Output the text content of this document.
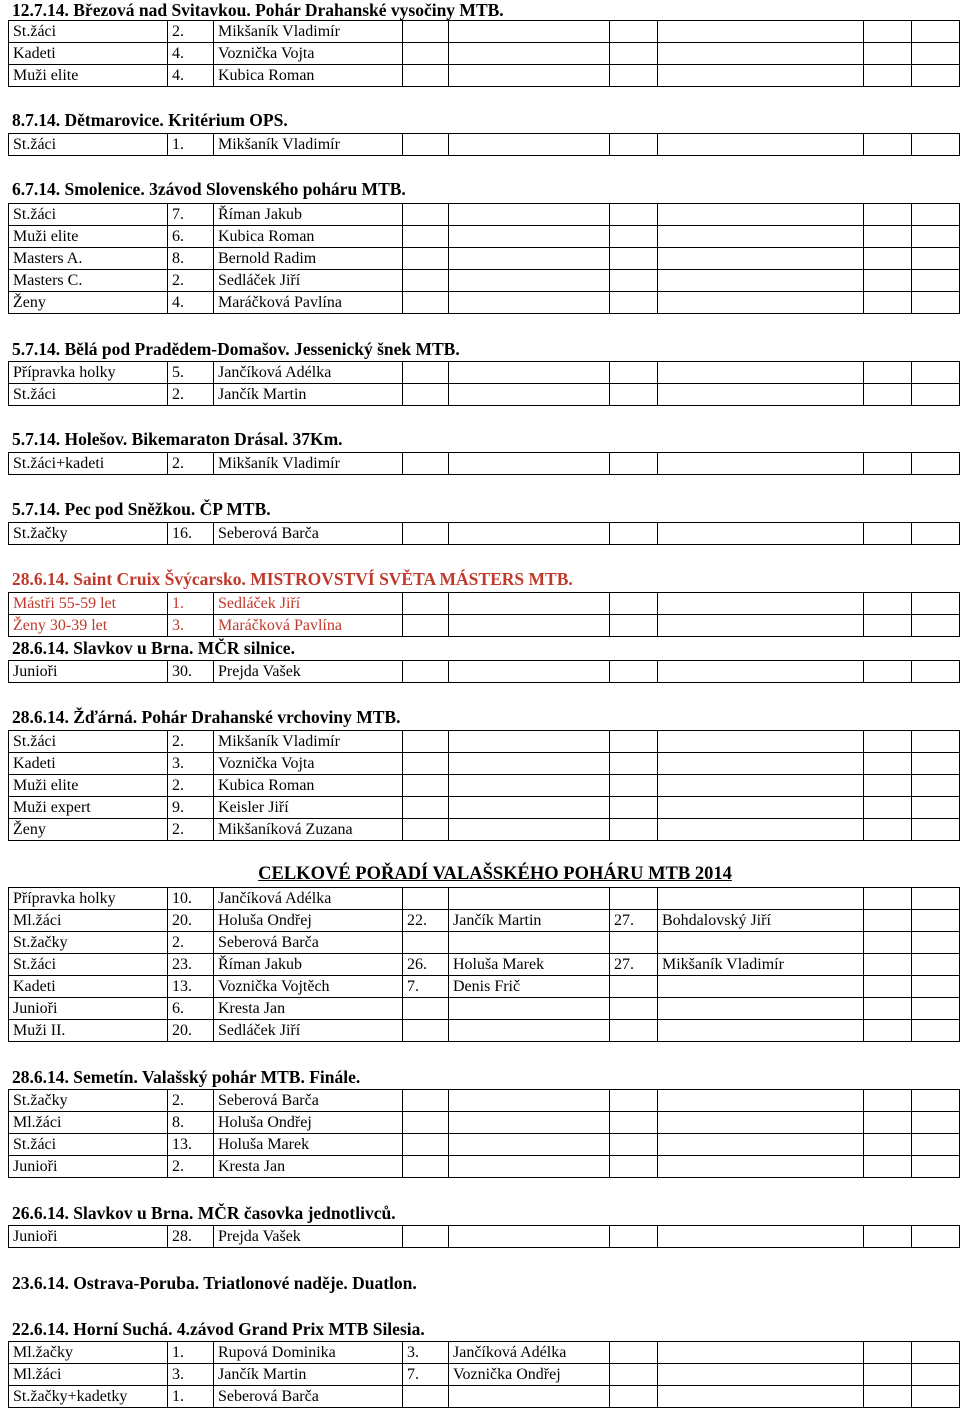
12.7.14. Březová nad Svitavkou. Pohár Drahanské vysočiny MTB.
St.žáci	2.	Mikšaník Vladimír						
Kadeti	4.	Voznička Vojta						
Muži elite	4.	Kubica Roman						
8.7.14. Dětmarovice. Kritérium OPS.
St.žáci	1.	Mikšaník Vladimír						
6.7.14. Smolenice. 3závod Slovenského poháru MTB.
St.žáci	7.	Říman Jakub						
Muži elite	6.	Kubica Roman						
Masters A.	8.	Bernold Radim						
Masters C.	2.	Sedláček Jiří						
Ženy	4.	Maráčková Pavlína						
5.7.14. Bělá pod Pradědem-Domašov. Jessenický šnek MTB.
Přípravka holky	5.	Jančíková Adélka						
St.žáci	2.	Jančík Martin						
5.7.14. Holešov. Bikemaraton Drásal. 37Km.
St.žáci+kadeti	2.	Mikšaník Vladimír						
5.7.14. Pec pod Sněžkou. ČP MTB.
St.žačky	16.	Seberová Barča						
28.6.14. Saint Cruix Švýcarsko. MISTROVSTVÍ SVĚTA MÁSTERS MTB.
Mástři 55-59 let	1.	Sedláček Jiří						
Ženy 30-39 let	3.	Maráčková Pavlína						
28.6.14. Slavkov u Brna. MČR silnice.
Junioři	30.	Prejda Vašek						
28.6.14. Žďárná. Pohár Drahanské vrchoviny MTB.
St.žáci	2.	Mikšaník Vladimír						
Kadeti	3.	Voznička Vojta						
Muži elite	2.	Kubica Roman						
Muži expert	9.	Keisler Jiří						
Ženy	2.	Mikšaníková Zuzana						
CELKOVÉ POŘADÍ VALAŠSKÉHO POHÁRU MTB 2014
Přípravka holky	10.	Jančíková Adélka						
Ml.žáci	20.	Holuša Ondřej	22.	Jančík Martin	27.	Bohdalovský Jiří		
St.žačky	2.	Seberová Barča						
St.žáci	23.	Říman Jakub	26.	Holuša Marek	27.	Mikšaník Vladimír		
Kadeti	13.	Voznička Vojtěch	7.	Denis Frič				
Junioři	6.	Kresta Jan						
Muži II.	20.	Sedláček Jiří						
28.6.14. Semetín. Valašský pohár MTB. Finále.
St.žačky	2.	Seberová Barča						
Ml.žáci	8.	Holuša Ondřej						
St.žáci	13.	Holuša Marek						
Junioři	2.	Kresta Jan						
26.6.14. Slavkov u Brna. MČR časovka jednotlivců.
Junioři	28.	Prejda Vašek						
23.6.14. Ostrava-Poruba. Triatlonové naděje. Duatlon.
22.6.14. Horní Suchá. 4.závod Grand Prix MTB Silesia.
Ml.žačky	1.	Rupová Dominika	3.	Jančíková Adélka				
Ml.žáci	3.	Jančík Martin	7.	Voznička Ondřej				
St.žačky+kadetky	1.	Seberová Barča						
